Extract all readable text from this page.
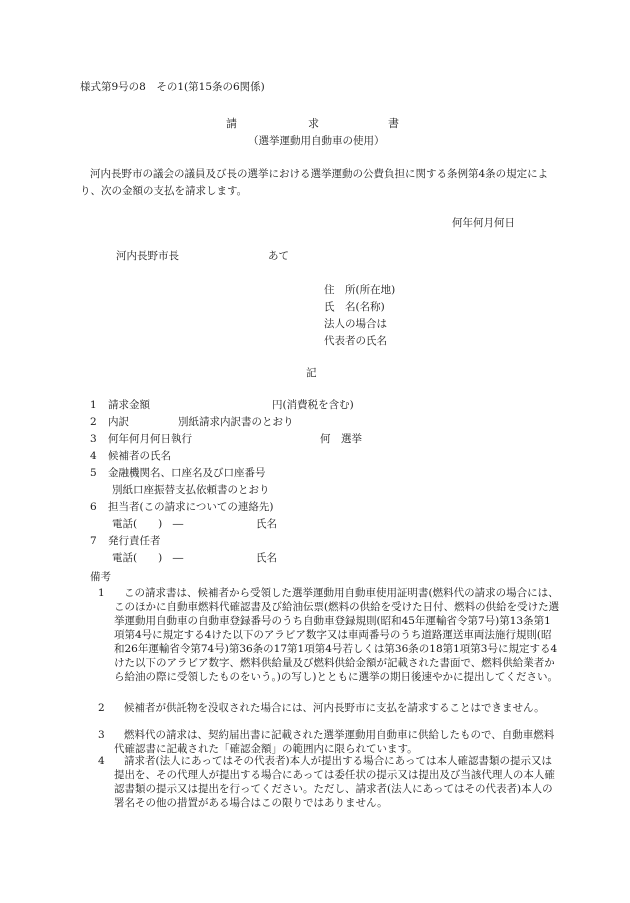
様式第9号の8　その1(第15条の6関係)
請	求	書
（選挙運動用自動車の使用）
河内長野市の議会の議員及び長の選挙における選挙運動の公費負担に関する条例第4条の規定により、次の金額の支払を請求します。
何年何月何日
河内長野市長	あて
住　所(所在地)
氏　名(名称)
法人の場合は
代表者の氏名
記
1 請求金額	円(消費税を含む)
2 内訳	別紙請求内訳書のとおり
3 何年何月何日執行	何　選挙
4 候補者の氏名
5 金融機関名、口座名及び口座番号
別紙口座振替支払依頼書のとおり
6 担当者(この請求についての連絡先)
電話(　　)　―	氏名
7 発行責任者
電話(　　)　―	氏名
備考
1	この請求書は、候補者から受領した選挙運動用自動車使用証明書(燃料代の請求の場合には、このほかに自動車燃料代確認書及び給油伝票(燃料の供給を受けた日付、燃料の供給を受けた選挙運動用自動車の自動車登録番号のうち自動車登録規則(昭和45年運輸省令第7号)第13条第1項第4号に規定する4けた以下のアラビア数字又は車両番号のうち道路運送車両法施行規則(昭和26年運輸省令第74号)第36条の17第1項第4号若しくは第36条の18第1項第3号に規定する4けた以下のアラビア数字、燃料供給量及び燃料供給金額が記載された書面で、燃料供給業者から給油の際に受領したものをいう。)の写し)とともに選挙の期日後速やかに提出してください。
2	候補者が供託物を没収された場合には、河内長野市に支払を請求することはできません。
3	燃料代の請求は、契約届出書に記載された選挙運動用自動車に供給したもので、自動車燃料代確認書に記載された「確認金額」の範囲内に限られています。
4	請求者(法人にあってはその代表者)本人が提出する場合にあっては本人確認書類の提示又は提出を、その代理人が提出する場合にあっては委任状の提示又は提出及び当該代理人の本人確認書類の提示又は提出を行ってください。ただし、請求者(法人にあってはその代表者)本人の署名その他の措置がある場合はこの限りではありません。
